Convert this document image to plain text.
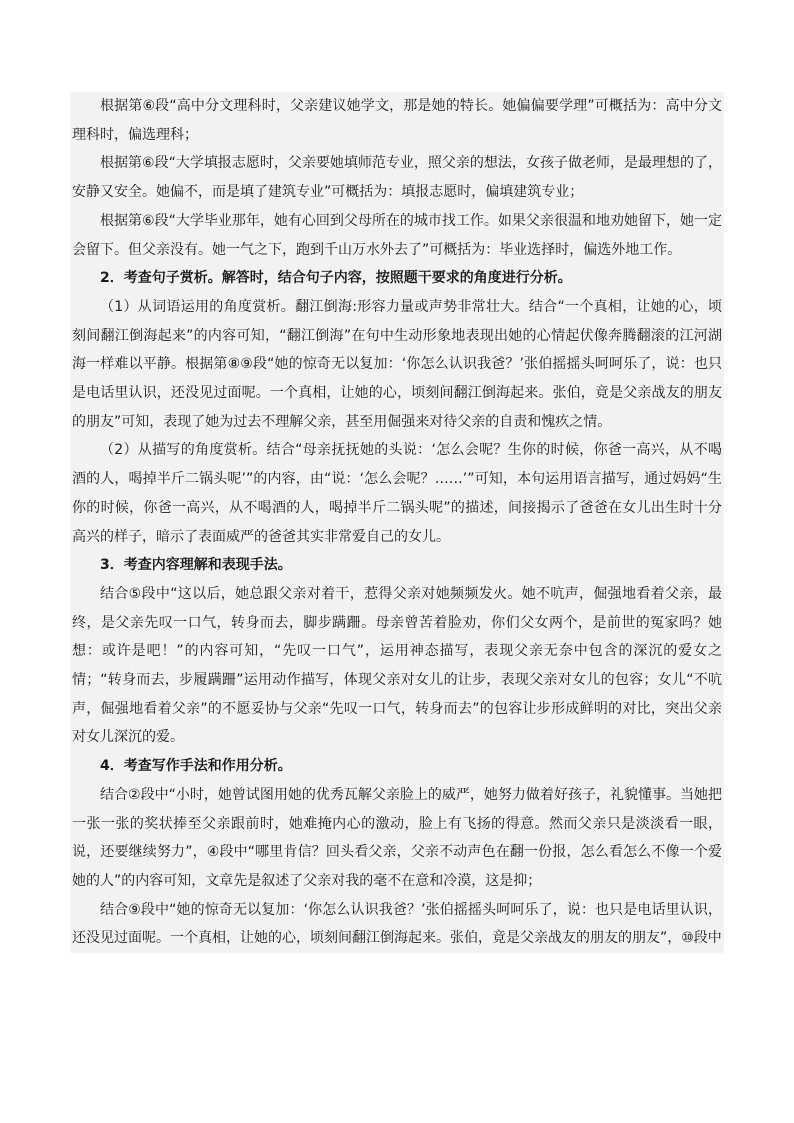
根据第⑥段“高中分文理科时，父亲建议她学文，那是她的特长。她偏偏要学理”可概括为：高中分文理科时，偏选理科；

根据第⑥段“大学填报志愿时，父亲要她填师范专业，照父亲的想法，女孩子做老师，是最理想的了，安静又安全。她偏不，而是填了建筑专业”可概括为：填报志愿时，偏填建筑专业；

根据第⑥段“大学毕业那年，她有心回到父母所在的城市找工作。如果父亲很温和地劝她留下，她一定会留下。但父亲没有。她一气之下，跑到千山万水外去了”可概括为：毕业选择时，偏选外地工作。

2．考查句子赏析。解答时，结合句子内容，按照题干要求的角度进行分析。

（1）从词语运用的角度赏析。翻江倒海:形容力量或声势非常壮大。结合“一个真相，让她的心，顷刻间翻江倒海起来”的内容可知，“翻江倒海”在句中生动形象地表现出她的心情起伏像奔腾翻滚的江河湖海一样难以平静。根据第⑧⑨段“她的惊奇无以复加：‘你怎么认识我爸？’张伯摇摇头呵呵乐了，说：也只是电话里认识，还没见过面呢。一个真相，让她的心，顷刻间翻江倒海起来。张伯，竟是父亲战友的朋友的朋友”可知，表现了她为过去不理解父亲，甚至用倔强来对待父亲的自责和愧疚之情。

（2）从描写的角度赏析。结合“母亲抚抚她的头说：‘怎么会呢？生你的时候，你爸一高兴，从不喝酒的人，喝掉半斤二锅头呢’”的内容，由“说：‘怎么会呢？……’”可知，本句运用语言描写，通过妈妈“生你的时候，你爸一高兴，从不喝酒的人，喝掉半斤二锅头呢”的描述，间接揭示了爸爸在女儿出生时十分高兴的样子，暗示了表面威严的爸爸其实非常爱自己的女儿。

3．考查内容理解和表现手法。

结合⑤段中“这以后，她总跟父亲对着干，惹得父亲对她频频发火。她不吭声，倔强地看着父亲，最终，是父亲先叹一口气，转身而去，脚步蹒跚。母亲曾苦着脸劝，你们父女两个，是前世的冤家吗？她想：或许是吧！”的内容可知，“先叹一口气”，运用神态描写，表现父亲无奈中包含的深沉的爱女之情；“转身而去，步履蹒跚”运用动作描写，体现父亲对女儿的让步，表现父亲对女儿的包容；女儿“不吭声，倔强地看着父亲”的不愿妥协与父亲“先叹一口气，转身而去”的包容让步形成鲜明的对比，突出父亲对女儿深沉的爱。

4．考查写作手法和作用分析。

结合②段中“小时，她曾试图用她的优秀瓦解父亲脸上的威严，她努力做着好孩子，礼貌懂事。当她把一张一张的奖状捧至父亲跟前时，她难掩内心的激动，脸上有飞扬的得意。然而父亲只是淡淡看一眼，说，还要继续努力”，④段中“哪里肯信？回头看父亲，父亲不动声色在翻一份报，怎么看怎么不像一个爱她的人”的内容可知，文章先是叙述了父亲对我的毫不在意和冷漠，这是抑；

结合⑨段中“她的惊奇无以复加：‘你怎么认识我爸？’张伯摇摇头呵呵乐了，说：也只是电话里认识，还没见过面呢。一个真相，让她的心，顷刻间翻江倒海起来。张伯，竟是父亲战友的朋友的朋友”，⑩段中
